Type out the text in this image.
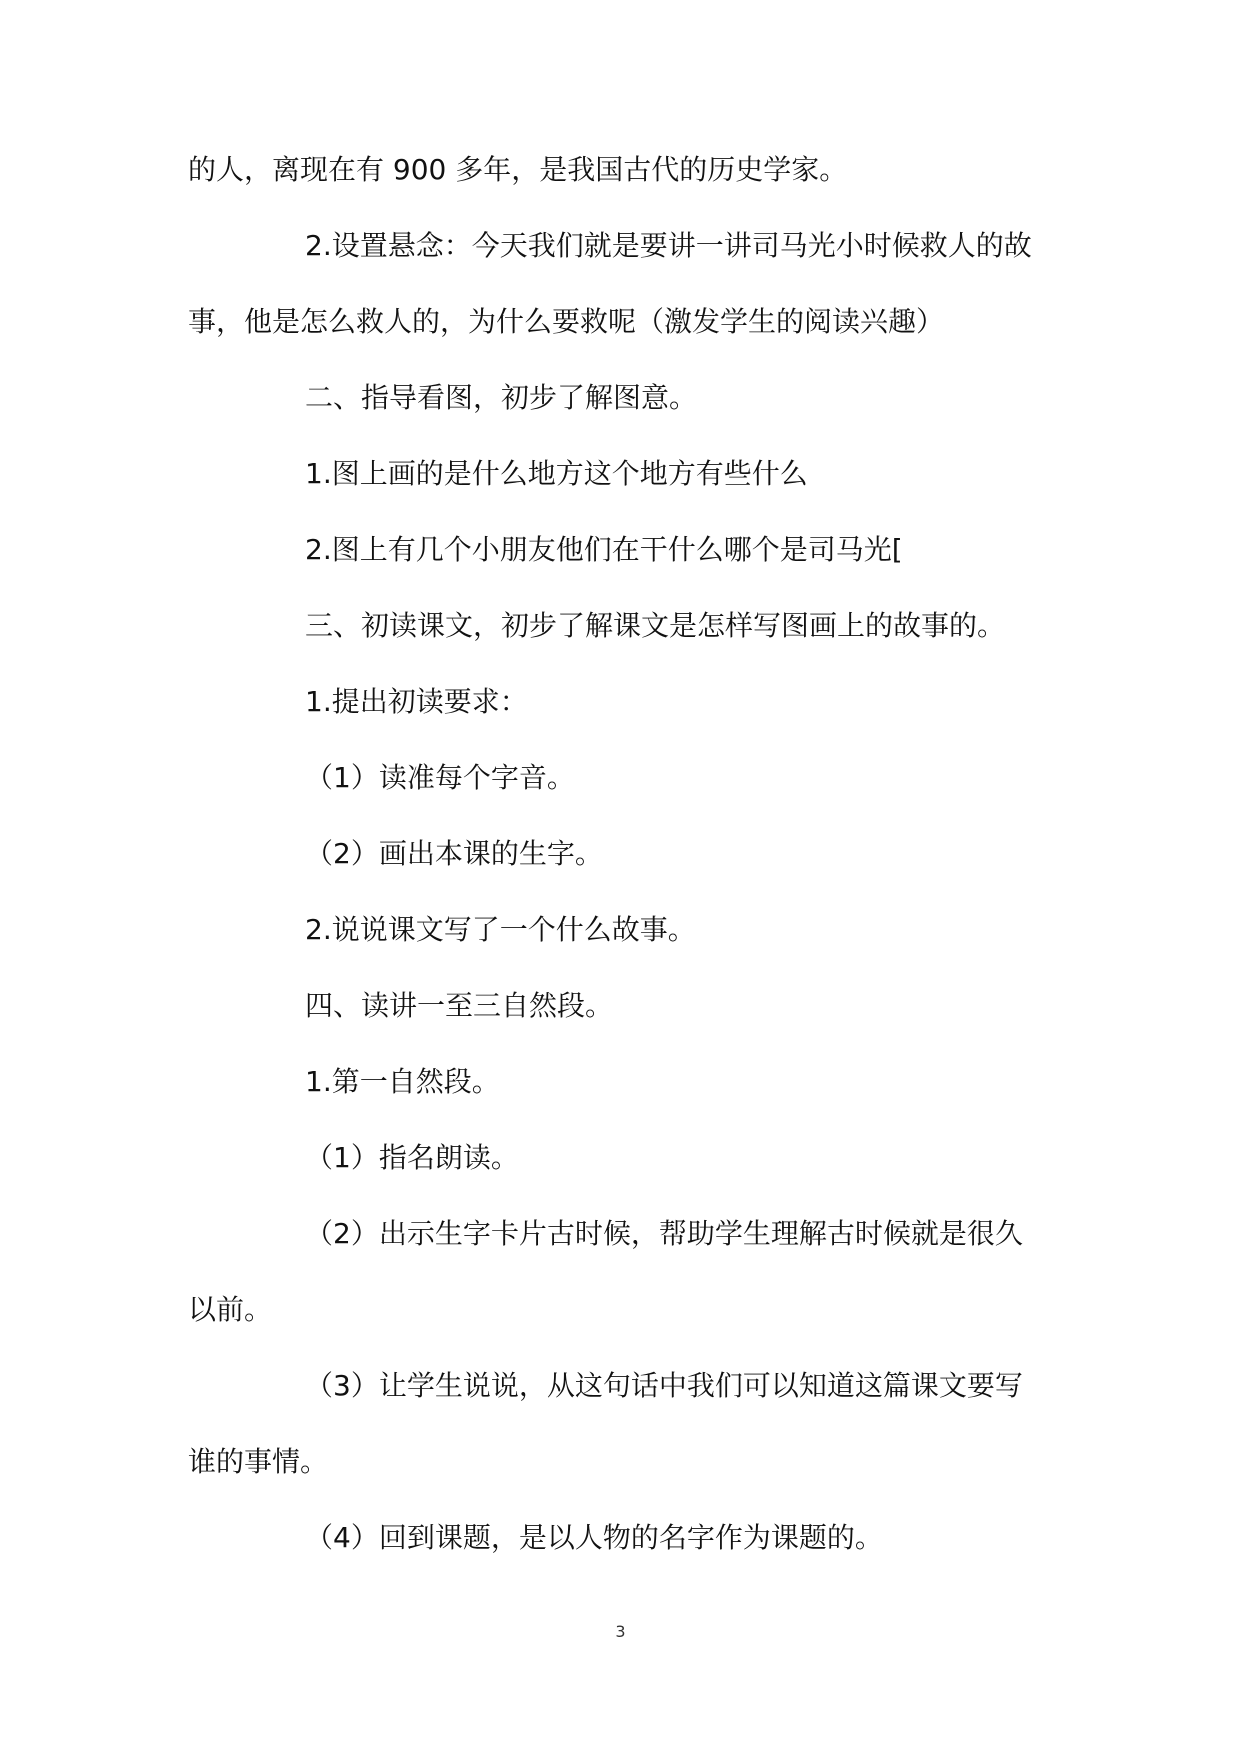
的人，离现在有 900 多年，是我国古代的历史学家。

2.设置悬念：今天我们就是要讲一讲司马光小时候救人的故

事，他是怎么救人的，为什么要救呢（激发学生的阅读兴趣）

二、指导看图，初步了解图意。

1.图上画的是什么地方这个地方有些什么

2.图上有几个小朋友他们在干什么哪个是司马光[

三、初读课文，初步了解课文是怎样写图画上的故事的。

1.提出初读要求：

（1）读准每个字音。

（2）画出本课的生字。

2.说说课文写了一个什么故事。

四、读讲一至三自然段。

1.第一自然段。

（1）指名朗读。

（2）出示生字卡片古时候，帮助学生理解古时候就是很久

以前。

（3）让学生说说，从这句话中我们可以知道这篇课文要写

谁的事情。

（4）回到课题，是以人物的名字作为课题的。

3
